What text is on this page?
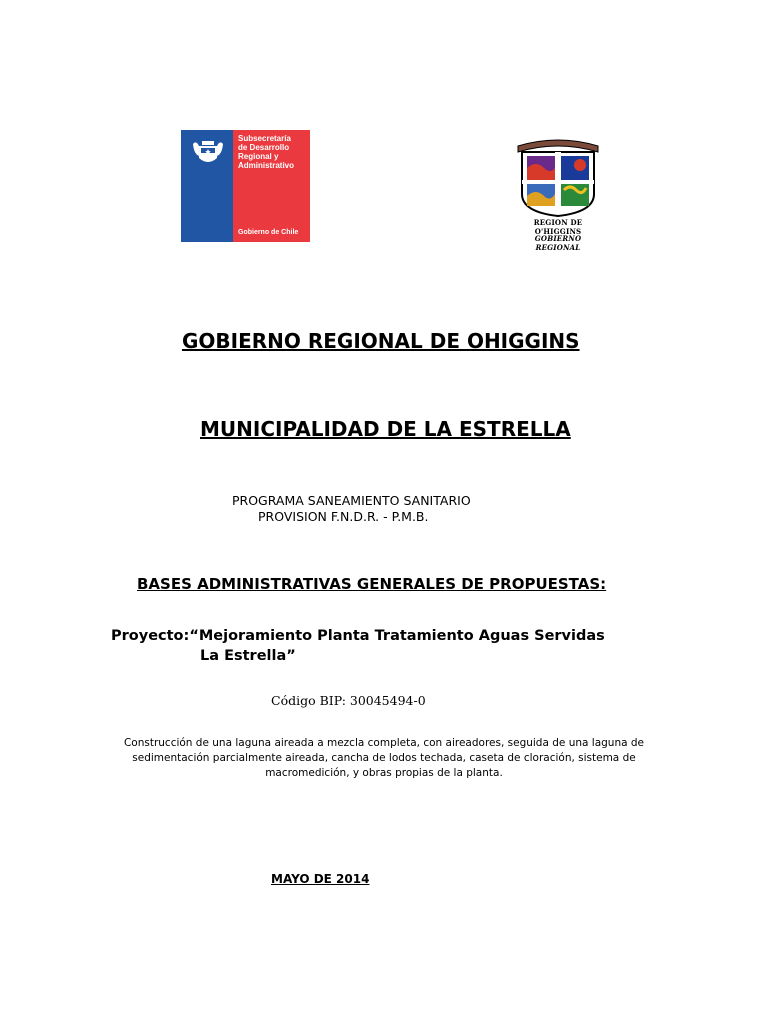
Subsecretaría
de Desarrollo
Regional y
Administrativo
Gobierno de Chile
REGION DE O'HIGGINS
GOBIERNO REGIONAL
GOBIERNO REGIONAL DE OHIGGINS
MUNICIPALIDAD DE LA ESTRELLA
PROGRAMA SANEAMIENTO SANITARIO
PROVISION F.N.D.R. - P.M.B.
BASES ADMINISTRATIVAS GENERALES DE PROPUESTAS:
Proyecto:“Mejoramiento Planta Tratamiento Aguas Servidas
La Estrella”
Código BIP: 30045494-0
Construcción de una laguna aireada a mezcla completa, con aireadores, seguida de una laguna de sedimentación parcialmente aireada, cancha de lodos techada, caseta de cloración, sistema de macromedición, y obras propias de la planta.
MAYO DE 2014
